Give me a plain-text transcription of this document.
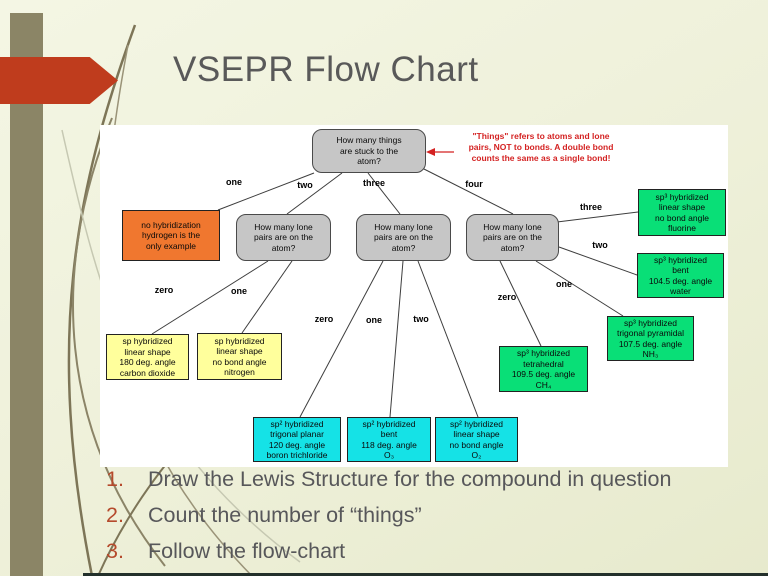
VSEPR Flow Chart
"Things" refers to atoms and lone
pairs, NOT to bonds. A double bond
counts the same as a single bond!
How many things
are stuck to the
atom?
How many lone
pairs are on the
atom?
How many lone
pairs are on the
atom?
How many lone
pairs are on the
atom?
one	two	three	four
zero	one
zero	one	two
zero
one
two
three
no hybridization
hydrogen is the
only example
sp hybridized
linear shape
180 deg. angle
carbon dioxide
sp hybridized
linear shape
no bond angle
nitrogen
sp² hybridized
trigonal planar
120 deg. angle
boron trichloride
sp² hybridized
bent
118 deg. angle
O₃
sp² hybridized
linear shape
no bond angle
O₂
sp³ hybridized
tetrahedral
109.5 deg. angle
CH₄
sp³ hybridized
trigonal pyramidal
107.5 deg. angle
NH₃
sp³ hybridized
bent
104.5 deg. angle
water
sp³ hybridized
linear shape
no bond angle
fluorine
1.	Draw the Lewis Structure for the compound in question
2.	Count the number of “things”
3.	Follow the flow-chart
